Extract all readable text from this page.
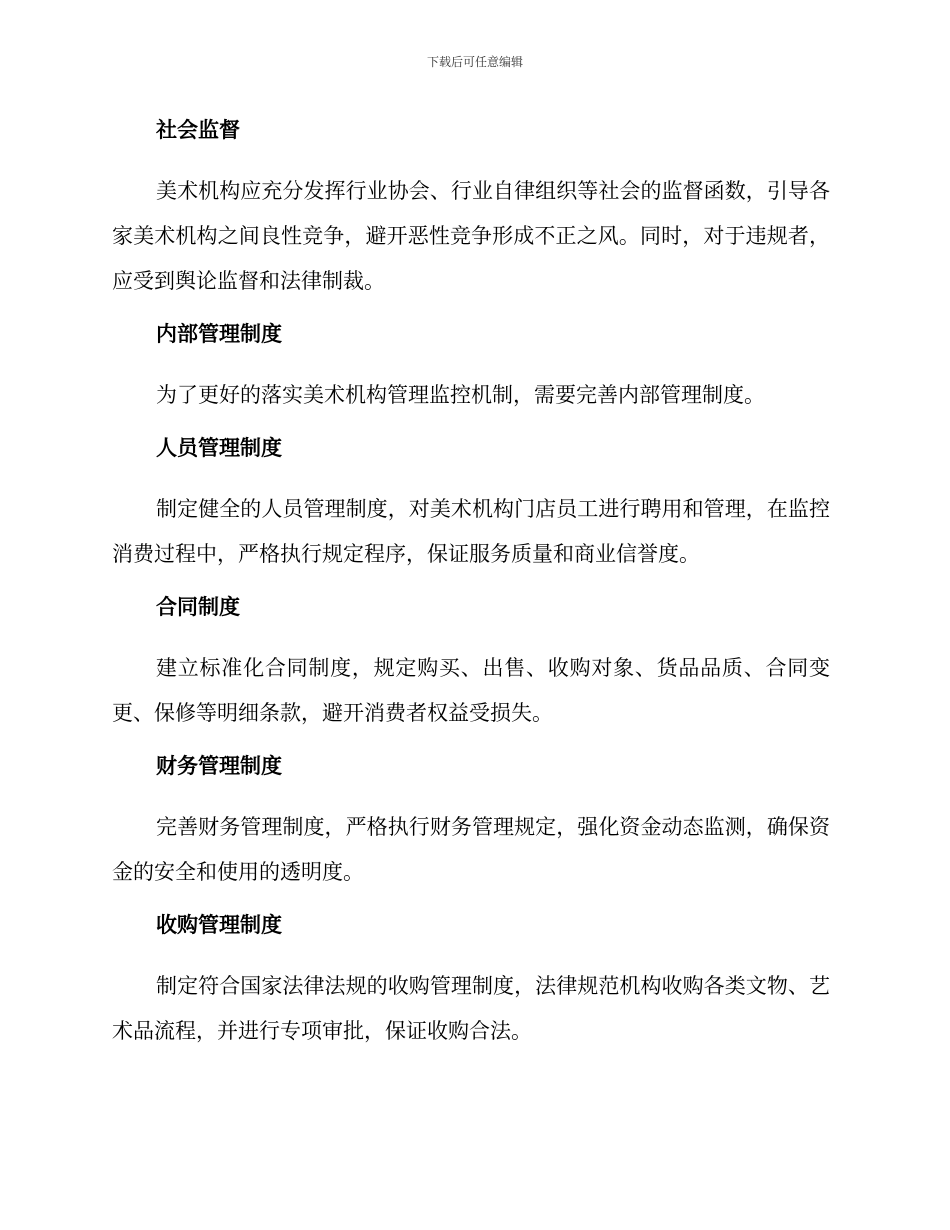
下载后可任意编辑
社会监督

美术机构应充分发挥行业协会、行业自律组织等社会的监督函数，引导各家美术机构之间良性竞争，避开恶性竞争形成不正之风。同时，对于违规者，应受到舆论监督和法律制裁。

内部管理制度

为了更好的落实美术机构管理监控机制，需要完善内部管理制度。

人员管理制度

制定健全的人员管理制度，对美术机构门店员工进行聘用和管理，在监控消费过程中，严格执行规定程序，保证服务质量和商业信誉度。

合同制度

建立标准化合同制度，规定购买、出售、收购对象、货品品质、合同变更、保修等明细条款，避开消费者权益受损失。

财务管理制度

完善财务管理制度，严格执行财务管理规定，强化资金动态监测，确保资金的安全和使用的透明度。

收购管理制度

制定符合国家法律法规的收购管理制度，法律规范机构收购各类文物、艺术品流程，并进行专项审批，保证收购合法。
